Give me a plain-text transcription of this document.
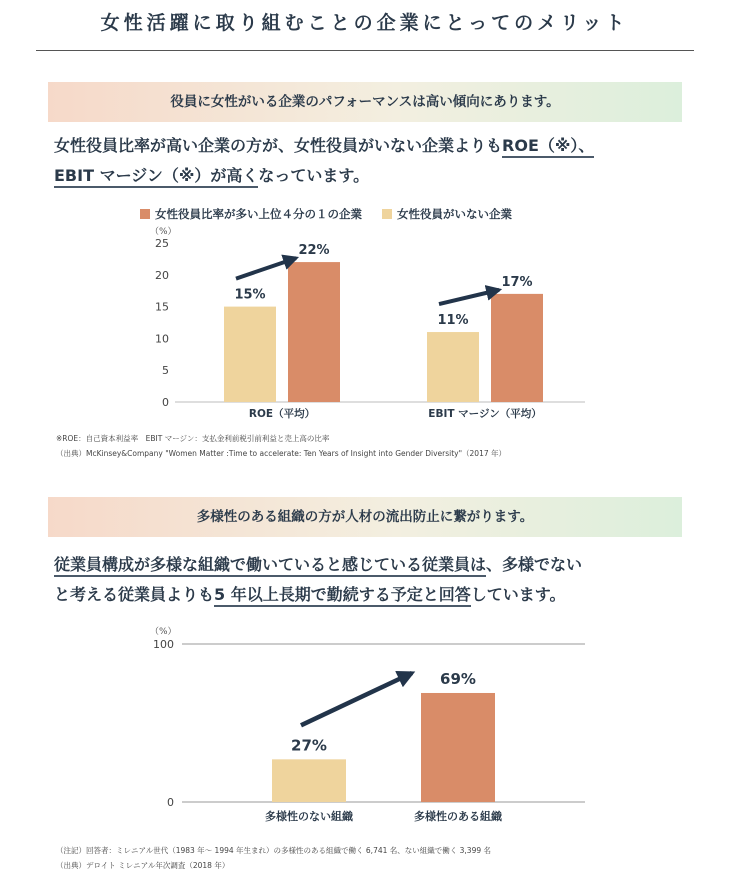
女性活躍に取り組むことの企業にとってのメリット
役員に女性がいる企業のパフォーマンスは高い傾向にあります。
女性役員比率が高い企業の方が、女性役員がいない企業よりもROE（※）、
EBIT マージン（※）が高くなっています。
女性役員比率が多い上位４分の１の企業	女性役員がいない企業
（%）
0
5
10
15
20
25
15%
22%
ROE（平均）
11%
17%
EBIT マージン（平均）
※ROE：自己資本利益率　EBIT マージン：支払金利前税引前利益と売上高の比率
（出典）McKinsey&Company "Women Matter :Time to accelerate: Ten Years of Insight into Gender Diversity"（2017 年）
多様性のある組織の方が人材の流出防止に繋がります。
従業員構成が多様な組織で働いていると感じている従業員は、多様でない
と考える従業員よりも5 年以上長期で勤続する予定と回答しています。
（%）
0
100
27%
多様性のない組織
69%
多様性のある組織
（注記）回答者：ミレニアル世代（1983 年～ 1994 年生まれ）の多様性のある組織で働く 6,741 名、ない組織で働く 3,399 名
（出典）デロイト ミレニアル年次調査（2018 年）
